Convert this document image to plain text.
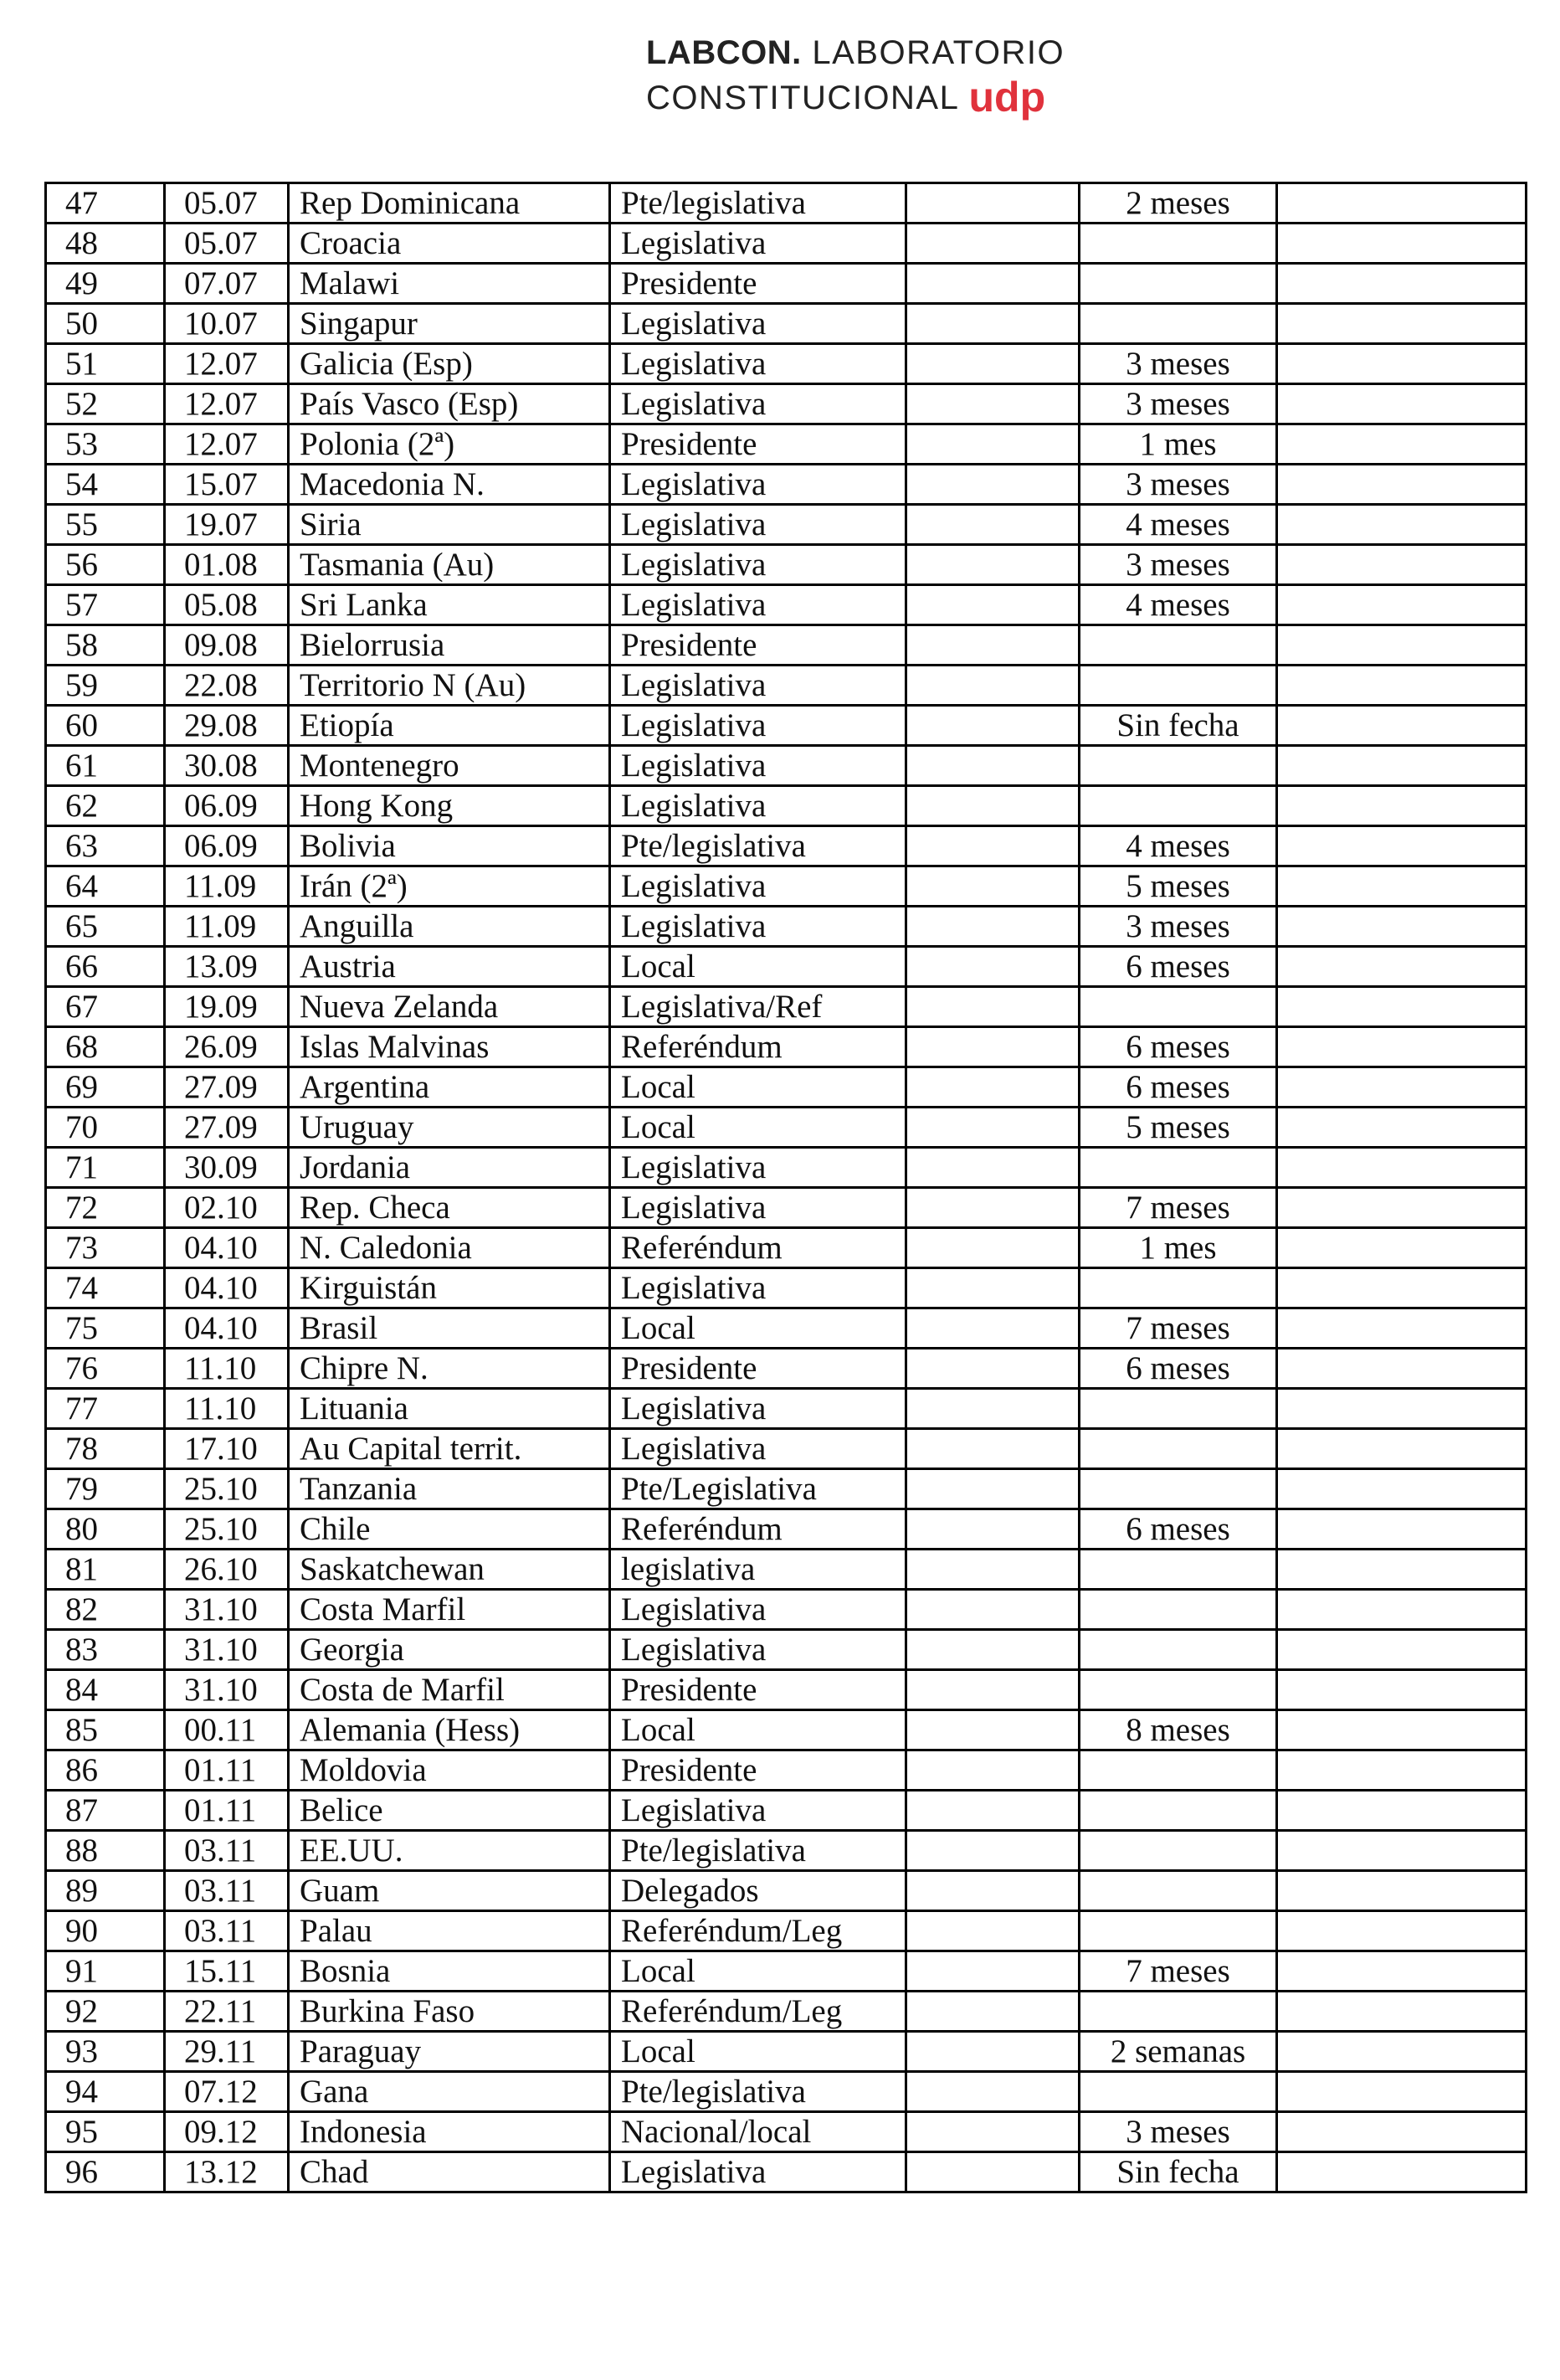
LABCON. LABORATORIO
CONSTITUCIONAL udp
47	05.07	Rep Dominicana	Pte/legislativa		2 meses	
48	05.07	Croacia	Legislativa			
49	07.07	Malawi	Presidente			
50	10.07	Singapur	Legislativa			
51	12.07	Galicia (Esp)	Legislativa		3 meses	
52	12.07	País Vasco (Esp)	Legislativa		3 meses	
53	12.07	Polonia (2ª)	Presidente		1 mes	
54	15.07	Macedonia N.	Legislativa		3 meses	
55	19.07	Siria	Legislativa		4 meses	
56	01.08	Tasmania (Au)	Legislativa		3 meses	
57	05.08	Sri Lanka	Legislativa		4 meses	
58	09.08	Bielorrusia	Presidente			
59	22.08	Territorio N (Au)	Legislativa			
60	29.08	Etiopía	Legislativa		Sin fecha	
61	30.08	Montenegro	Legislativa			
62	06.09	Hong Kong	Legislativa			
63	06.09	Bolivia	Pte/legislativa		4 meses	
64	11.09	Irán (2ª)	Legislativa		5 meses	
65	11.09	Anguilla	Legislativa		3 meses	
66	13.09	Austria	Local		6 meses	
67	19.09	Nueva Zelanda	Legislativa/Ref			
68	26.09	Islas Malvinas	Referéndum		6 meses	
69	27.09	Argentina	Local		6 meses	
70	27.09	Uruguay	Local		5 meses	
71	30.09	Jordania	Legislativa			
72	02.10	Rep. Checa	Legislativa		7 meses	
73	04.10	N. Caledonia	Referéndum		1 mes	
74	04.10	Kirguistán	Legislativa			
75	04.10	Brasil	Local		7 meses	
76	11.10	Chipre N.	Presidente		6 meses	
77	11.10	Lituania	Legislativa			
78	17.10	Au Capital territ.	Legislativa			
79	25.10	Tanzania	Pte/Legislativa			
80	25.10	Chile	Referéndum		6 meses	
81	26.10	Saskatchewan	legislativa			
82	31.10	Costa Marfil	Legislativa			
83	31.10	Georgia	Legislativa			
84	31.10	Costa de Marfil	Presidente			
85	00.11	Alemania (Hess)	Local		8 meses	
86	01.11	Moldovia	Presidente			
87	01.11	Belice	Legislativa			
88	03.11	EE.UU.	Pte/legislativa			
89	03.11	Guam	Delegados			
90	03.11	Palau	Referéndum/Leg			
91	15.11	Bosnia	Local		7 meses	
92	22.11	Burkina Faso	Referéndum/Leg			
93	29.11	Paraguay	Local		2 semanas	
94	07.12	Gana	Pte/legislativa			
95	09.12	Indonesia	Nacional/local		3 meses	
96	13.12	Chad	Legislativa		Sin fecha	
